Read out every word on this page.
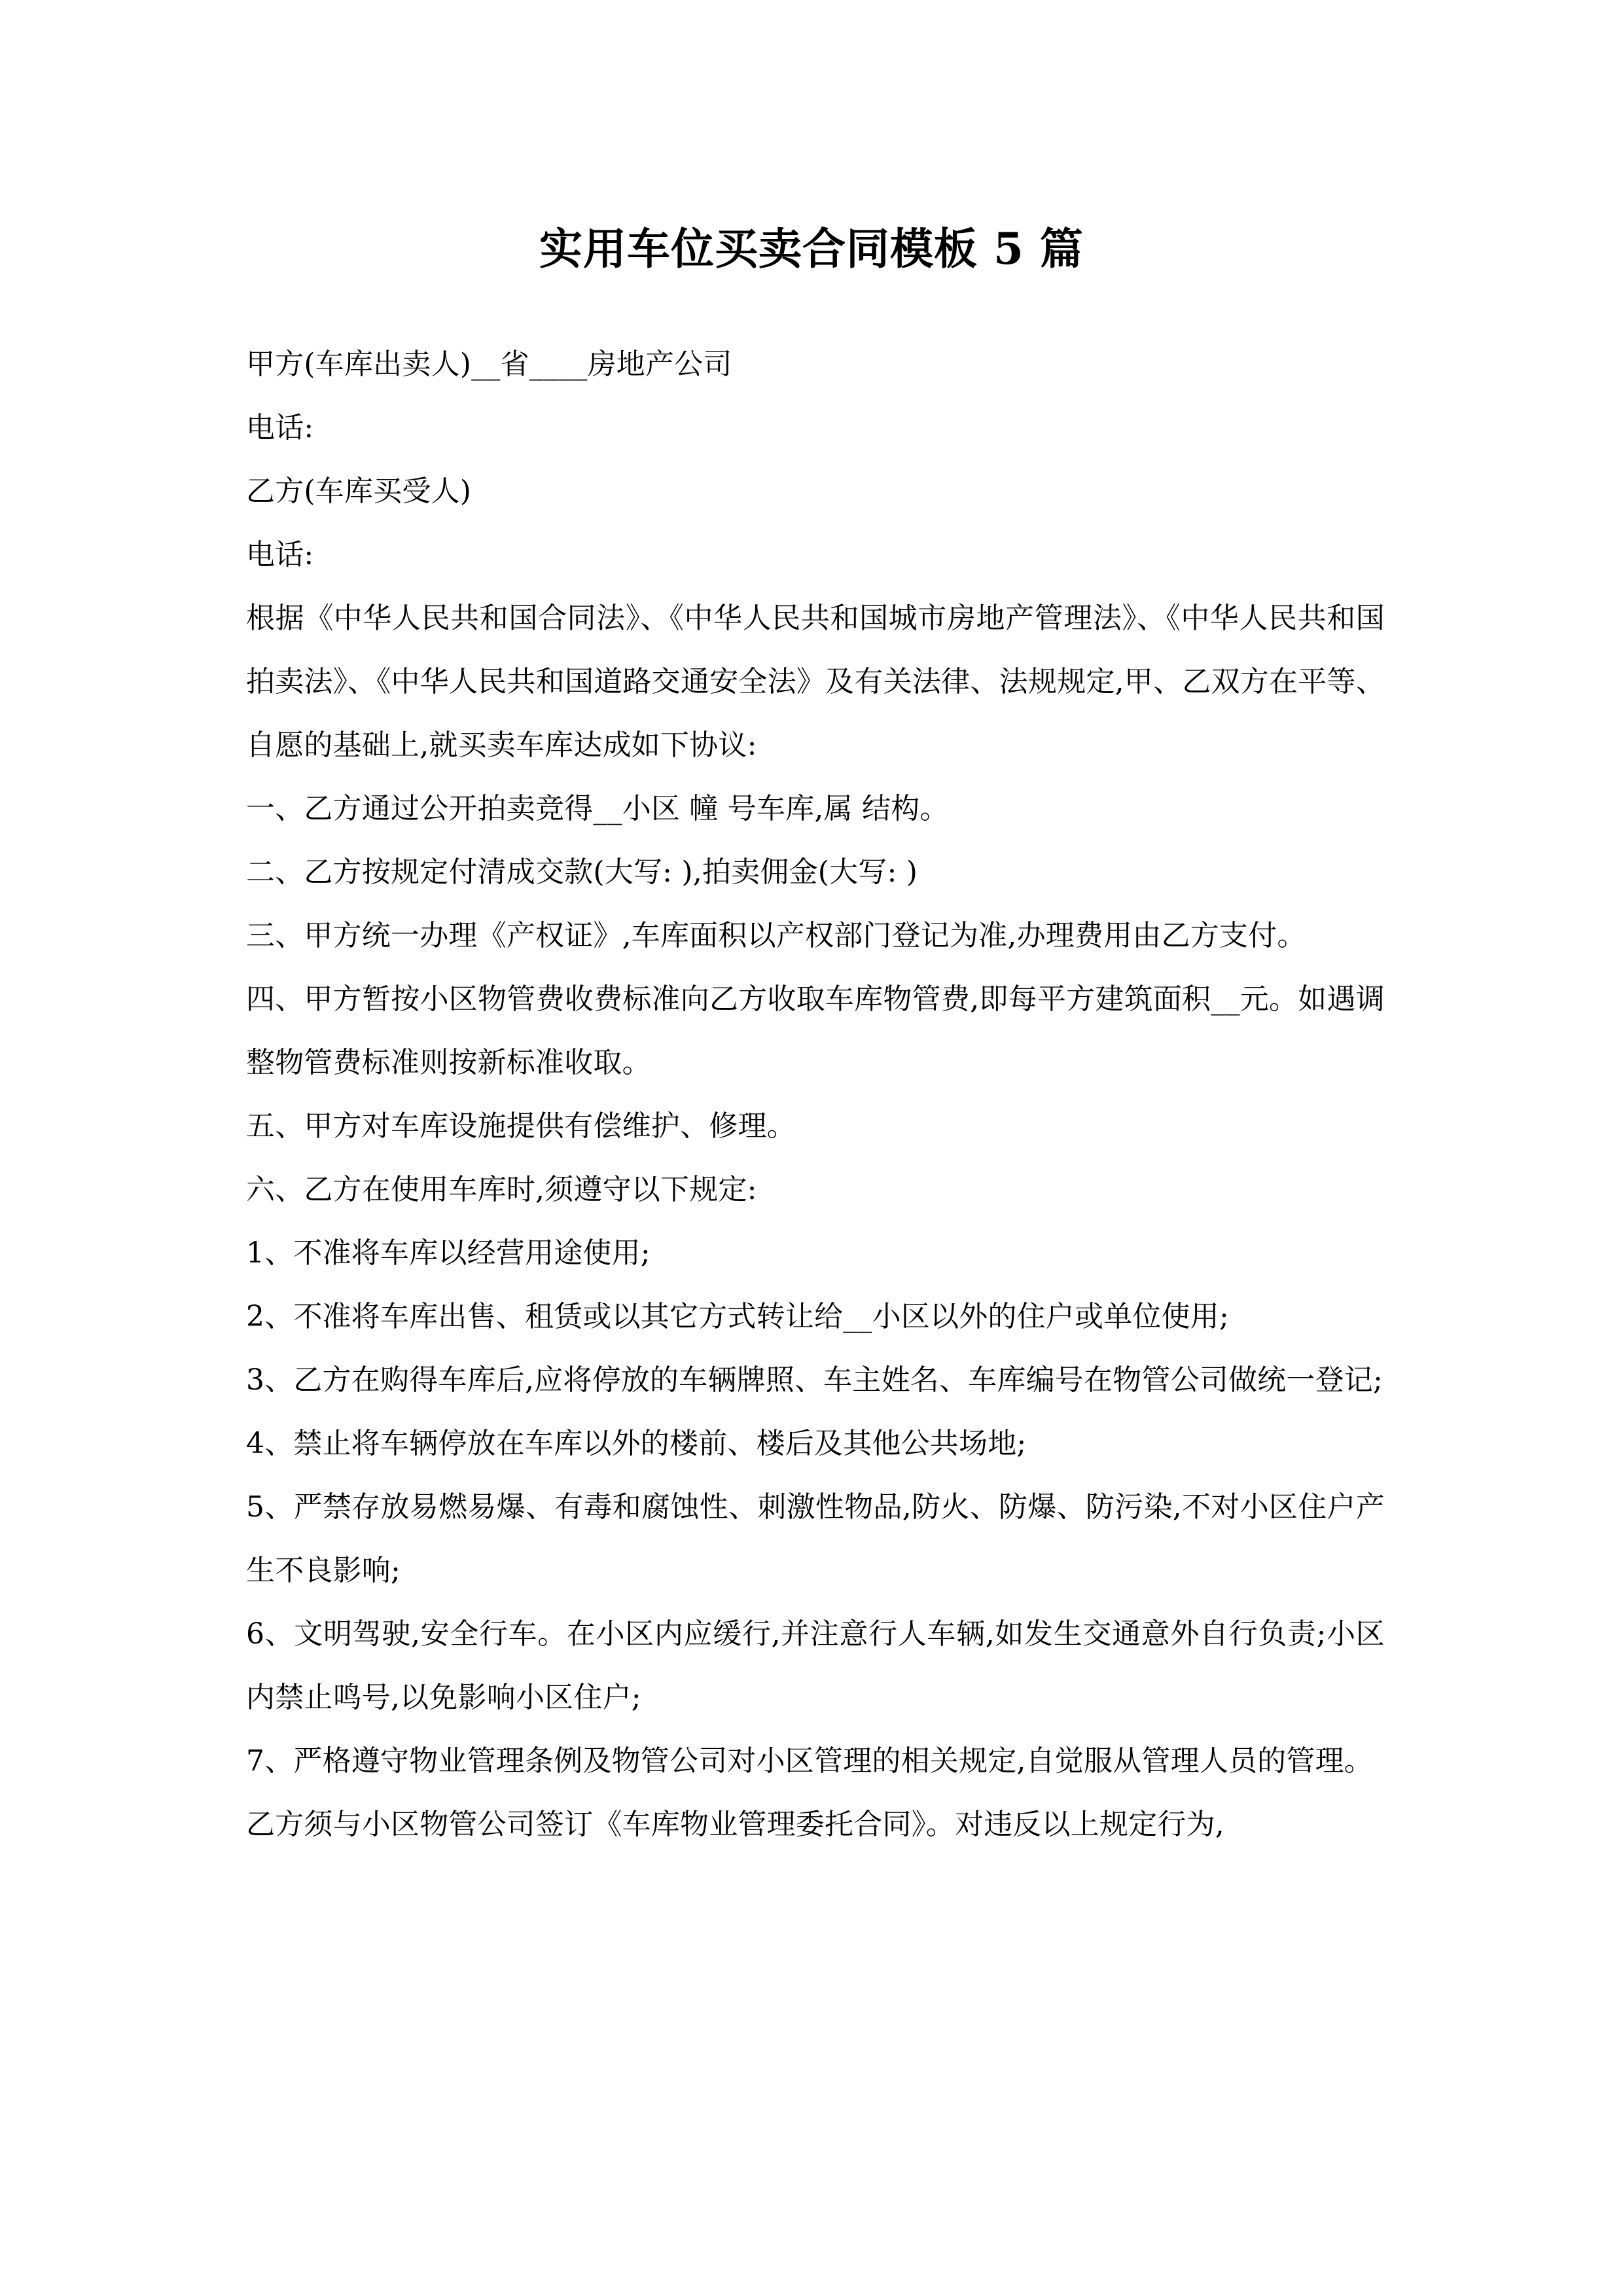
实用车位买卖合同模板 5 篇

甲方(车库出卖人)__省____房地产公司

电话:

乙方(车库买受人)

电话:

根据《中华人民共和国合同法》、《中华人民共和国城市房地产管理法》、《中华人民共和国拍卖法》、《中华人民共和国道路交通安全法》及有关法律、法规规定,甲、乙双方在平等、自愿的基础上,就买卖车库达成如下协议:

一、乙方通过公开拍卖竞得__小区 幢 号车库,属 结构。

二、乙方按规定付清成交款(大写: ),拍卖佣金(大写: )

三、甲方统一办理《产权证》,车库面积以产权部门登记为准,办理费用由乙方支付。

四、甲方暂按小区物管费收费标准向乙方收取车库物管费,即每平方建筑面积__元。如遇调整物管费标准则按新标准收取。

五、甲方对车库设施提供有偿维护、修理。

六、乙方在使用车库时,须遵守以下规定:

1、不准将车库以经营用途使用;

2、不准将车库出售、租赁或以其它方式转让给__小区以外的住户或单位使用;

3、乙方在购得车库后,应将停放的车辆牌照、车主姓名、车库编号在物管公司做统一登记;

4、禁止将车辆停放在车库以外的楼前、楼后及其他公共场地;

5、严禁存放易燃易爆、有毒和腐蚀性、刺激性物品,防火、防爆、防污染,不对小区住户产生不良影响;

6、文明驾驶,安全行车。在小区内应缓行,并注意行人车辆,如发生交通意外自行负责;小区内禁止鸣号,以免影响小区住户;

7、严格遵守物业管理条例及物管公司对小区管理的相关规定,自觉服从管理人员的管理。

乙方须与小区物管公司签订《车库物业管理委托合同》。对违反以上规定行为,
